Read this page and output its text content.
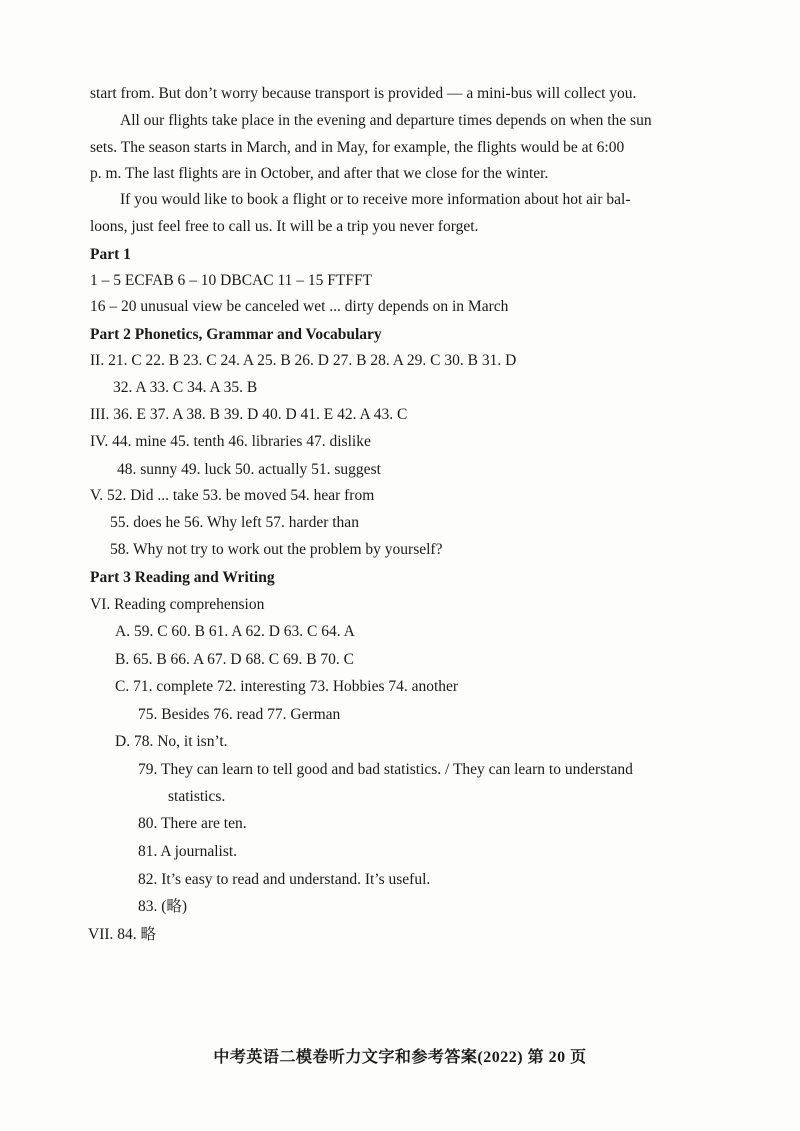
start from. But don’t worry because transport is provided — a mini-bus will collect you.
All our flights take place in the evening and departure times depends on when the sun
sets. The season starts in March, and in May, for example, the flights would be at 6:00
p. m. The last flights are in October, and after that we close for the winter.
If you would like to book a flight or to receive more information about hot air bal-
loons, just feel free to call us. It will be a trip you never forget.
Part 1
1 – 5 ECFAB 6 – 10 DBCAC 11 – 15 FTFFT
16 – 20 unusual view be canceled wet ... dirty depends on in March
Part 2 Phonetics, Grammar and Vocabulary
II. 21. C 22. B 23. C 24. A 25. B 26. D 27. B 28. A 29. C 30. B 31. D
32. A 33. C 34. A 35. B
III. 36. E 37. A 38. B 39. D 40. D 41. E 42. A 43. C
IV. 44. mine 45. tenth 46. libraries 47. dislike
48. sunny 49. luck 50. actually 51. suggest
V. 52. Did ... take 53. be moved 54. hear from
55. does he 56. Why left 57. harder than
58. Why not try to work out the problem by yourself?
Part 3 Reading and Writing
VI. Reading comprehension
A. 59. C 60. B 61. A 62. D 63. C 64. A
B. 65. B 66. A 67. D 68. C 69. B 70. C
C. 71. complete 72. interesting 73. Hobbies 74. another
75. Besides 76. read 77. German
D. 78. No, it isn’t.
79. They can learn to tell good and bad statistics. / They can learn to understand
statistics.
80. There are ten.
81. A journalist.
82. It’s easy to read and understand. It’s useful.
83. (略)
VII. 84. 略
中考英语二模卷听力文字和参考答案(2022) 第 20 页
